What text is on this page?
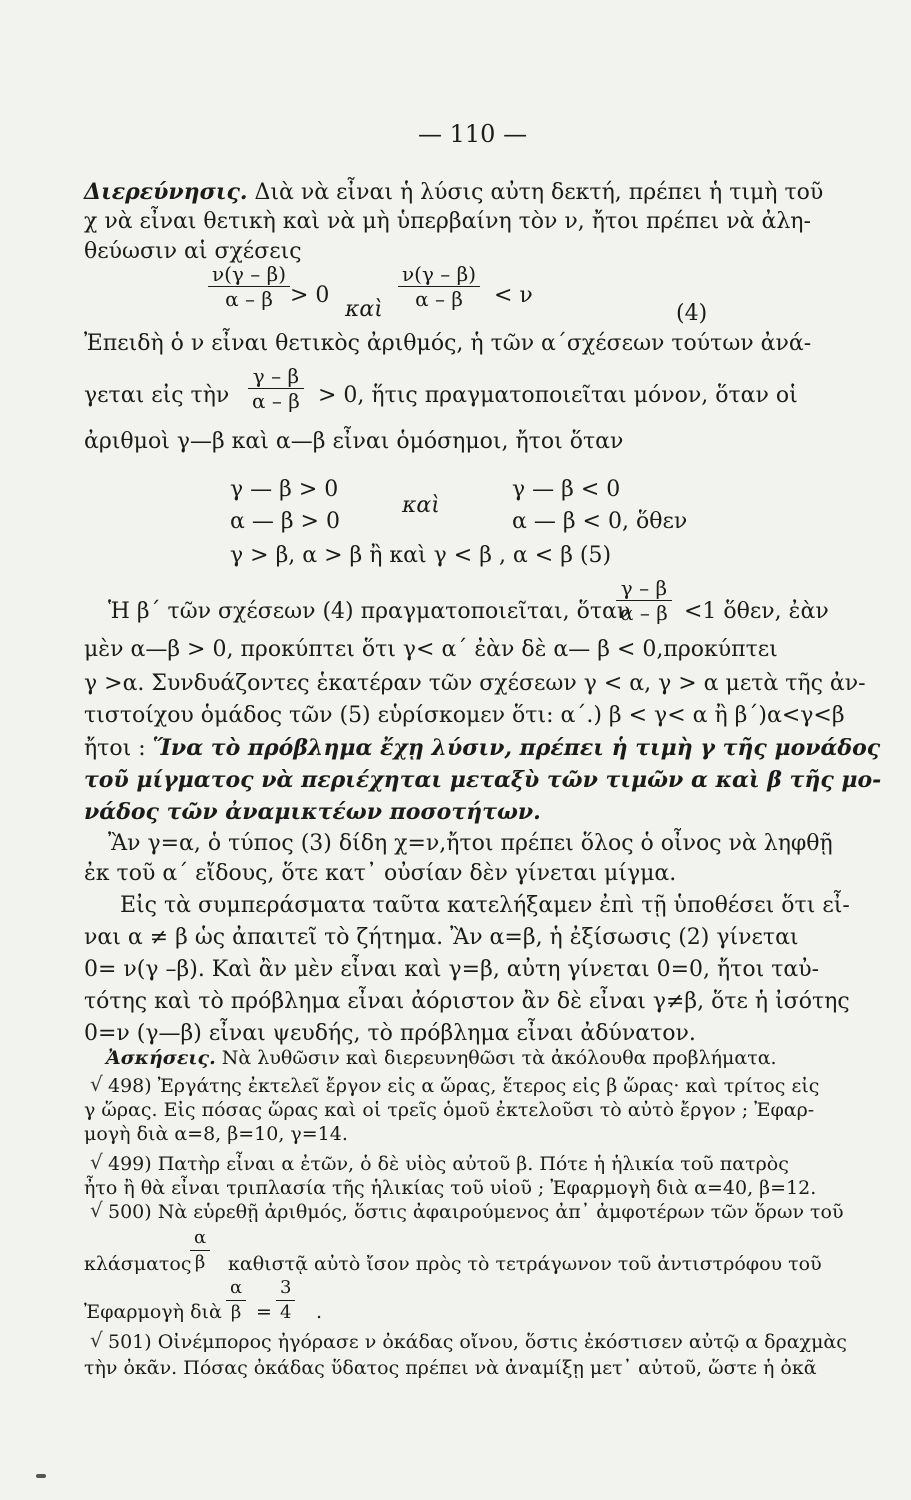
— 110 —
Διερεύνησις. Διὰ νὰ εἶναι ἡ λύσις αὐτη δεκτή, πρέπει ἡ τιμὴ τοῦ
χ νὰ εἶναι θετικὴ καὶ νὰ μὴ ὑπερβαίνη τὸν ν, ἤτοι πρέπει νὰ ἀλη-
θεύωσιν αἱ σχέσεις
$\frac{\nu(\gamma - \beta)}{\alpha - \beta} > 0$
καὶ $\frac{\nu(\gamma - \beta)}{\alpha - \beta} < \nu$
(4)
Ἐπειδὴ ὁ ν εἶναι θετικὸς ἀριθμός, ἡ τῶν α΄σχέσεων τούτων ἀνά-
γεται εἰς τὴν $\frac{\gamma - \beta}{\alpha - \beta} > 0$, ἥτις πραγματοποιεῖται μόνον, ὅταν οἱ
ἀριθμοὶ γ—β καὶ α—β εἶναι ὁμόσημοι, ἤτοι ὅταν
γ — β > 0
α — β > 0
καὶ
γ — β < 0
α — β < 0, ὅθεν
γ > β, α > β ἢ καὶ γ < β , α < β (5)
Ἡ β΄ τῶν σχέσεων (4) πραγματοποιεῖται, ὅταν
$\frac{\gamma - \beta}{\alpha - \beta} <1$ ὅθεν, ἐὰν
μὲν α—β > 0, προκύπτει ὅτι γ< α΄ ἐὰν δὲ α— β < 0,προκύπτει
γ >α. Συνδυάζοντες ἑκατέραν τῶν σχέσεων γ < α, γ > α μετὰ τῆς ἀν-
τιστοίχου ὁμάδος τῶν (5) εὑρίσκομεν ὅτι: α΄.) β < γ< α ἢ β΄)α<γ<β
ἤτοι : Ἵνα τὸ πρόβλημα ἔχῃ λύσιν, πρέπει ἡ τιμὴ γ τῆς μονάδος
τοῦ μίγματος νὰ περιέχηται μεταξὺ τῶν τιμῶν α καὶ β τῆς μο-
νάδος τῶν ἀναμικτέων ποσοτήτων.
Ἂν γ=α, ὁ τύπος (3) δίδη χ=ν,ἤτοι πρέπει ὅλος ὁ οἶνος νὰ ληφθῇ
ἐκ τοῦ α΄ εἴδους, ὅτε κατ᾽ οὐσίαν δὲν γίνεται μίγμα.
Εἰς τὰ συμπεράσματα ταῦτα κατελήξαμεν ἐπὶ τῇ ὑποθέσει ὅτι εἶ-
ναι α ≠ β ὡς ἀπαιτεῖ τὸ ζήτημα. Ἂν α=β, ἡ ἐξίσωσις (2) γίνεται
0= ν(γ –β). Καὶ ἂν μὲν εἶναι καὶ γ=β, αὐτη γίνεται 0=0, ἤτοι ταὐ-
τότης καὶ τὸ πρόβλημα εἶναι ἀόριστον ἂν δὲ εἶναι γ≠β, ὅτε ἡ ἰσότης
0=ν (γ—β) εἶναι ψευδής, τὸ πρόβλημα εἶναι ἀδύνατον.
Ἀσκήσεις. Νὰ λυθῶσιν καὶ διερευνηθῶσι τὰ ἀκόλουθα προβλήματα.
√ 498) Ἐργάτης ἐκτελεῖ ἔργον εἰς α ὥρας, ἕτερος εἰς β ὥρας· καὶ τρίτος εἰς
γ ὥρας. Εἰς πόσας ὥρας καὶ οἱ τρεῖς ὁμοῦ ἐκτελοῦσι τὸ αὐτὸ ἔργον ; Ἐφαρ-
μογὴ διὰ α=8, β=10, γ=14.
√ 499) Πατὴρ εἶναι α ἐτῶν, ὁ δὲ υἱὸς αὐτοῦ β. Πότε ἡ ἡλικία τοῦ πατρὸς
ἦτο ἢ θὰ εἶναι τριπλασία τῆς ἡλικίας τοῦ υἱοῦ ; Ἐφαρμογὴ διὰ α=40, β=12.
√ 500) Νὰ εὑρεθῇ ἀριθμός, ὅστις ἀφαιρούμενος ἀπ᾽ ἀμφοτέρων τῶν ὅρων τοῦ
κλάσματος
$\frac{\alpha}{\beta}$ καθιστᾷ αὐτὸ ἴσον πρὸς τὸ τετράγωνον τοῦ ἀντιστρόφου τοῦ
Ἐφαρμογὴ διὰ $\frac{\alpha}{\beta} = \frac{3}{4}$ .
√ 501) Οἰνέμπορος ἠγόρασε ν ὀκάδας οἴνου, ὅστις ἐκόστισεν αὐτῷ α δραχμὰς
τὴν ὀκᾶν. Πόσας ὀκάδας ὕδατος πρέπει νὰ ἀναμίξῃ μετ᾽ αὐτοῦ, ὥστε ἡ ὀκᾶ
